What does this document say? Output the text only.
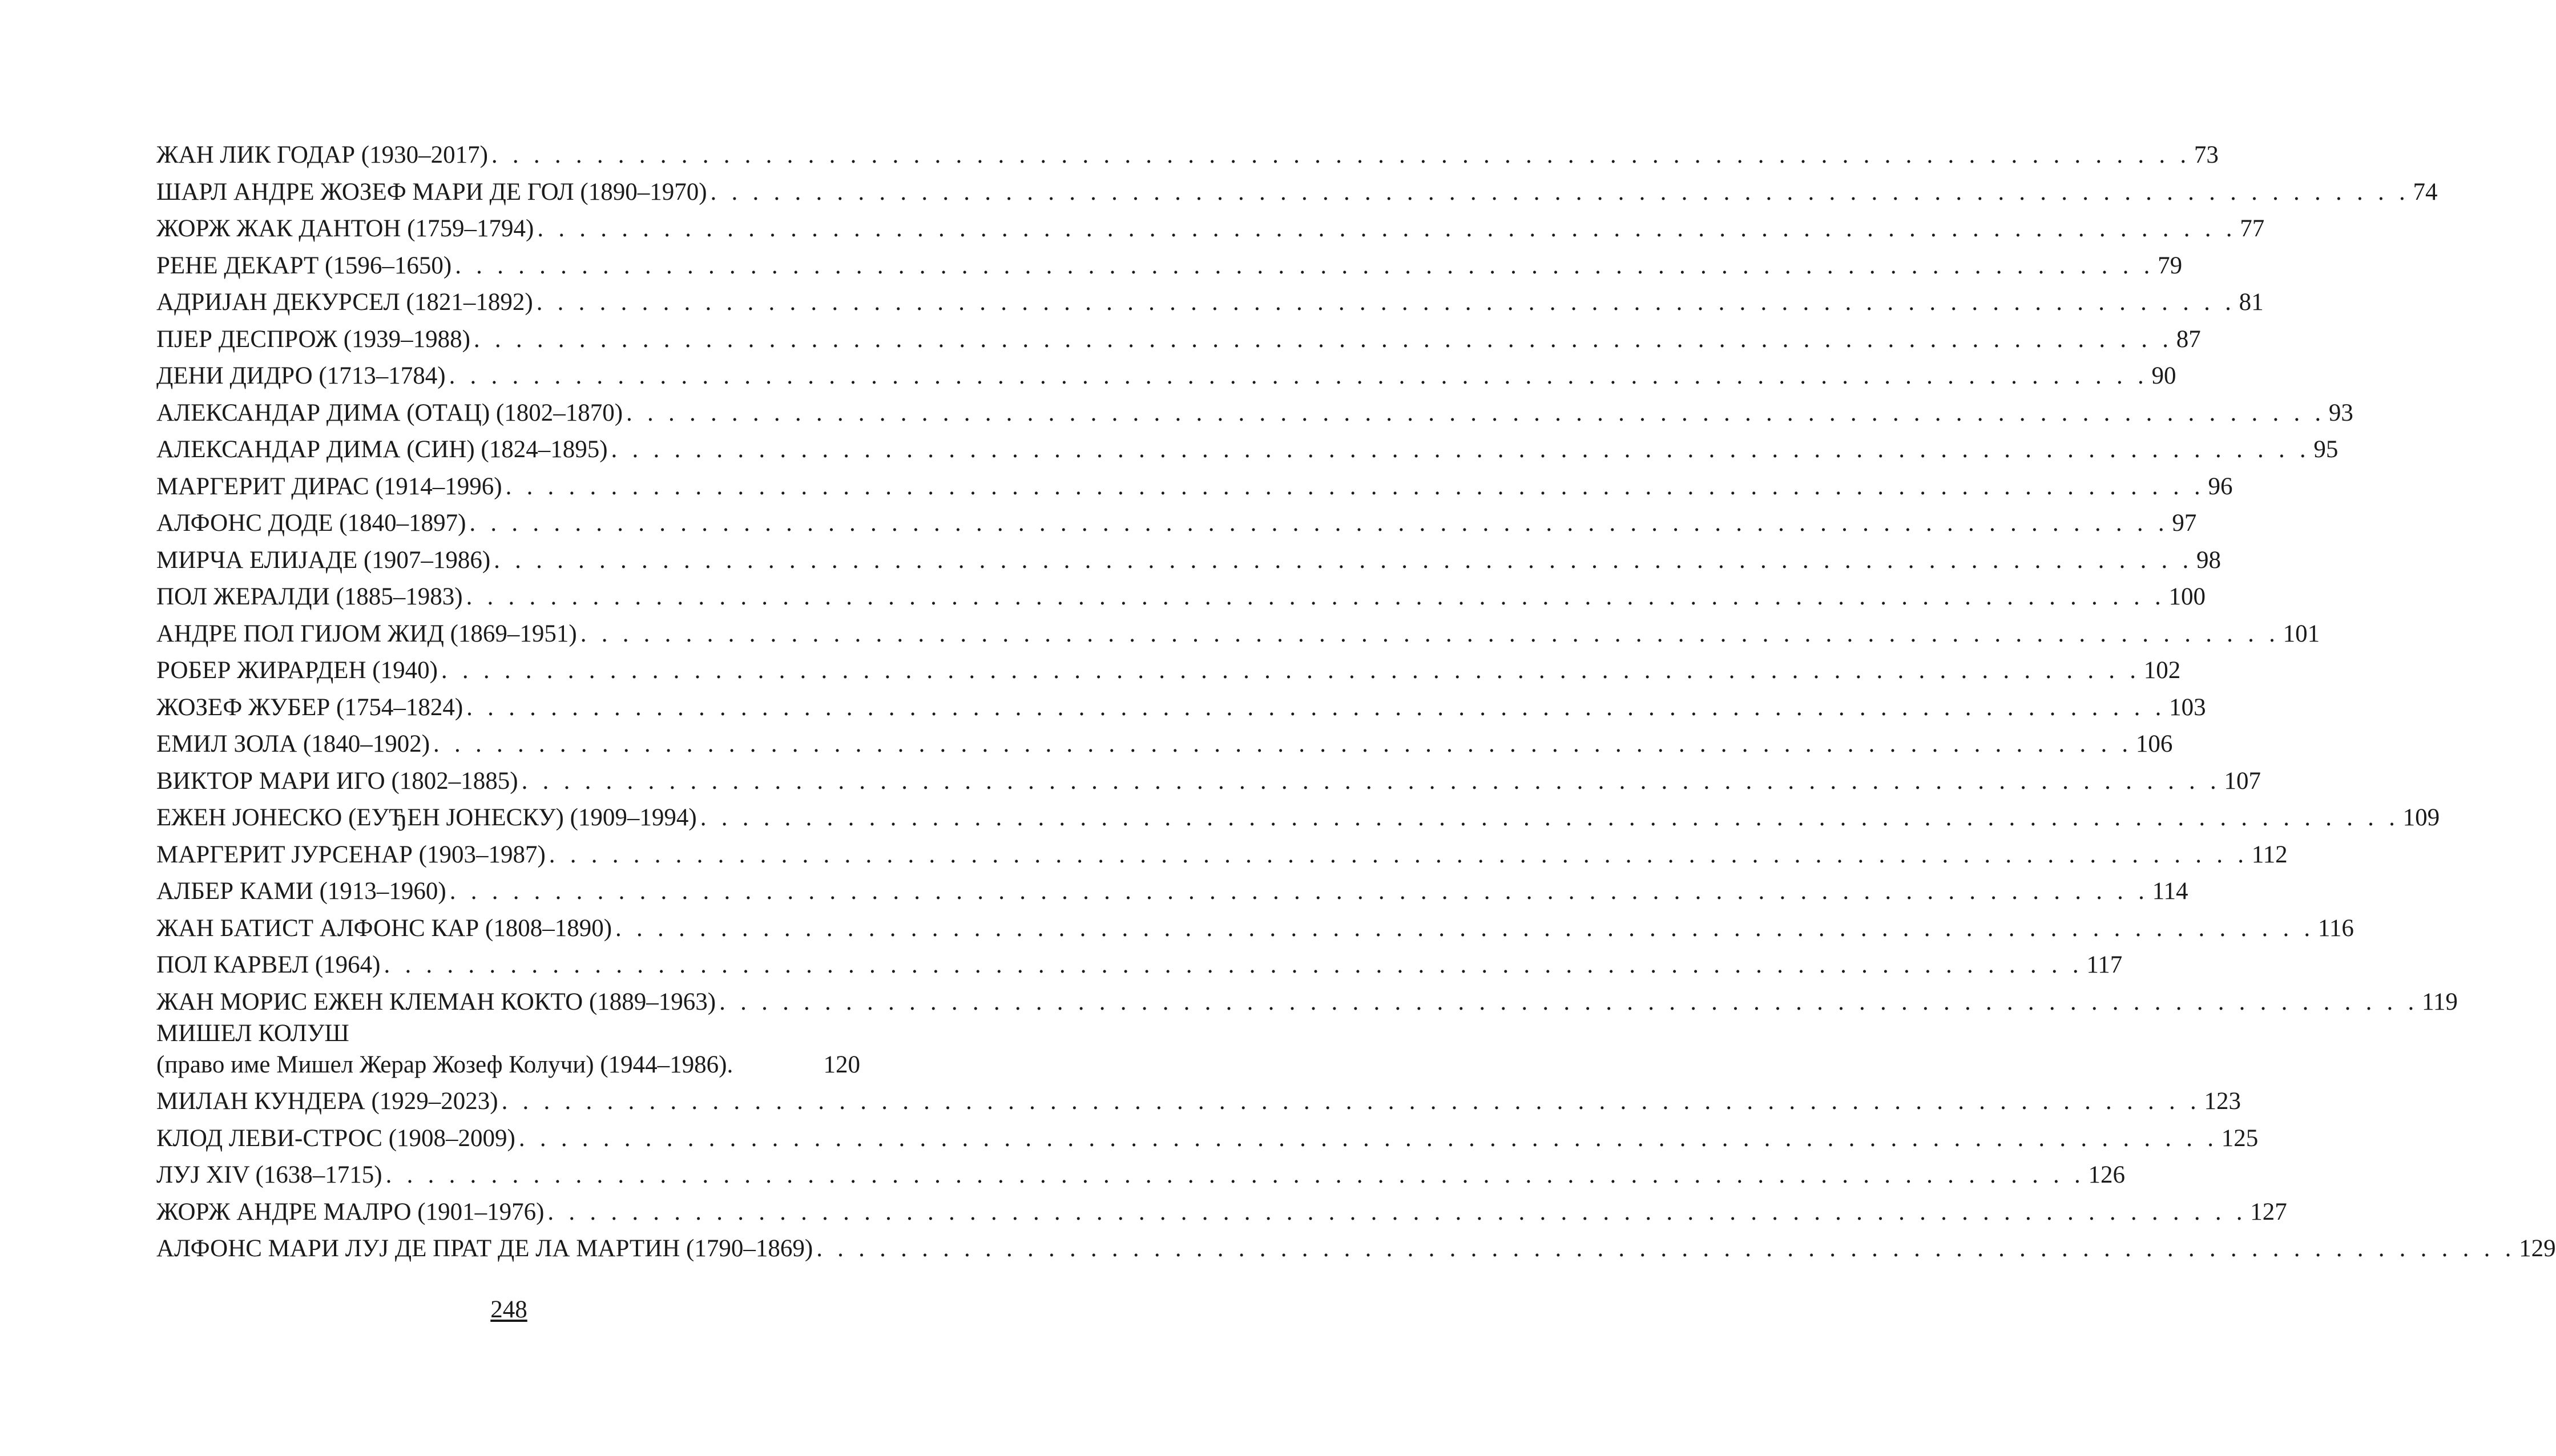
ЖАН ЛИК ГОДАР (1930–2017) . . .	73
ШАРЛ АНДРЕ ЖОЗЕФ МАРИ ДЕ ГОЛ (1890–1970) . . .	74
ЖОРЖ ЖАК ДАНТОН (1759–1794) . . .	77
РЕНЕ ДЕКАРТ (1596–1650) . . .	79
АДРИЈАН ДЕКУРСЕЛ (1821–1892) . . .	81
ПЈЕР ДЕСПРОЖ (1939–1988) . . .	87
ДЕНИ ДИДРО (1713–1784) . . .	90
АЛЕКСАНДАР ДИМА (ОТАЦ) (1802–1870) . . .	93
АЛЕКСАНДАР ДИМА (СИН) (1824–1895) . . .	95
МАРГЕРИТ ДИРАС (1914–1996) . . .	96
АЛФОНС ДОДЕ (1840–1897) . . .	97
МИРЧА ЕЛИЈАДЕ (1907–1986) . . .	98
ПОЛ ЖЕРАЛДИ (1885–1983) . . .	100
АНДРЕ ПОЛ ГИЈОМ ЖИД (1869–1951) . . .	101
РОБЕР ЖИРАРДЕН (1940) . . .	102
ЖОЗЕФ ЖУБЕР (1754–1824) . . .	103
ЕМИЛ ЗОЛА (1840–1902) . . .	106
ВИКТОР МАРИ ИГО (1802–1885) . . .	107
ЕЖЕН ЈОНЕСКО (ЕУЂЕН ЈОНЕСКУ) (1909–1994) . . .	109
МАРГЕРИТ ЈУРСЕНАР (1903–1987) . . .	112
АЛБЕР КАМИ (1913–1960) . . .	114
ЖАН БАТИСТ АЛФОНС КАР (1808–1890) . . .	116
ПОЛ КАРВЕЛ (1964) . . .	117
ЖАН МОРИС ЕЖЕН КЛЕМАН КОКТО (1889–1963) . . .	119
МИШЕЛ КОЛУШ
(право име Мишел Жерар Жозеф Колучи) (1944–1986).	120
МИЛАН КУНДЕРА (1929–2023) . . .	123
КЛОД ЛЕВИ-СТРОС (1908–2009) . . .	125
ЛУЈ XIV (1638–1715) . . .	126
ЖОРЖ АНДРЕ МАЛРО (1901–1976) . . .	127
АЛФОНС МАРИ ЛУЈ ДЕ ПРАТ ДЕ ЛА МАРТИН (1790–1869) . . .	129
248
